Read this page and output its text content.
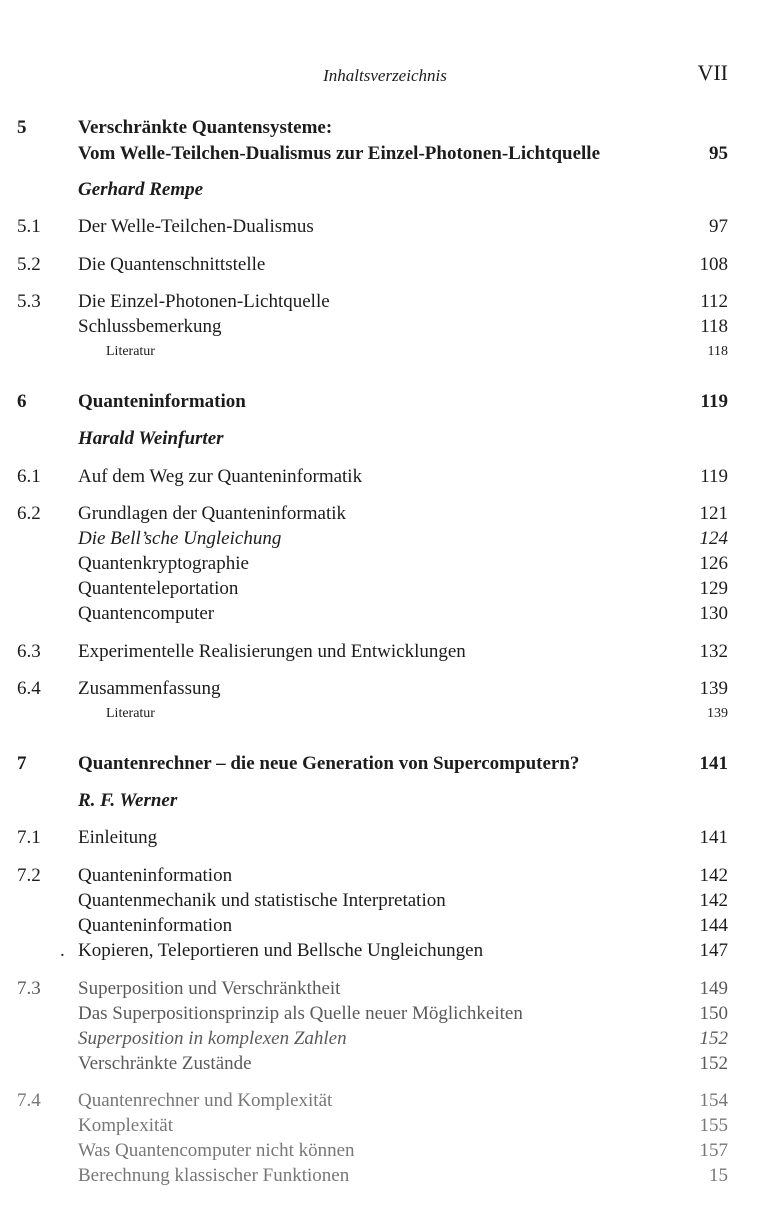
Inhaltsverzeichnis	VII
5	Verschränkte Quantensysteme:
Vom Welle-Teilchen-Dualismus zur Einzel-Photonen-Lichtquelle	95
Gerhard Rempe
5.1 Der Welle-Teilchen-Dualismus	97
5.2 Die Quantenschnittstelle	108
5.3 Die Einzel-Photonen-Lichtquelle	112
Schlussbemerkung	118
Literatur	118
6	Quanteninformation	119
Harald Weinfurter
6.1 Auf dem Weg zur Quanteninformatik	119
6.2 Grundlagen der Quanteninformatik	121
Die Bell’sche Ungleichung	124
Quantenkryptographie	126
Quantenteleportation	129
Quantencomputer	130
6.3 Experimentelle Realisierungen und Entwicklungen	132
6.4 Zusammenfassung	139
Literatur	139
7	Quantenrechner – die neue Generation von Supercomputern?	141
R. F. Werner
7.1 Einleitung	141
7.2 Quanteninformation	142
Quantenmechanik und statistische Interpretation	142
Quanteninformation	144
. Kopieren, Teleportieren und Bellsche Ungleichungen	147
7.3 Superposition und Verschränktheit	149
Das Superpositionsprinzip als Quelle neuer Möglichkeiten	150
Superposition in komplexen Zahlen	152
Verschränkte Zustände	152
7.4 Quantenrechner und Komplexität	154
Komplexität	155
Was Quantencomputer nicht können	157
Berechnung klassischer Funktionen	15
